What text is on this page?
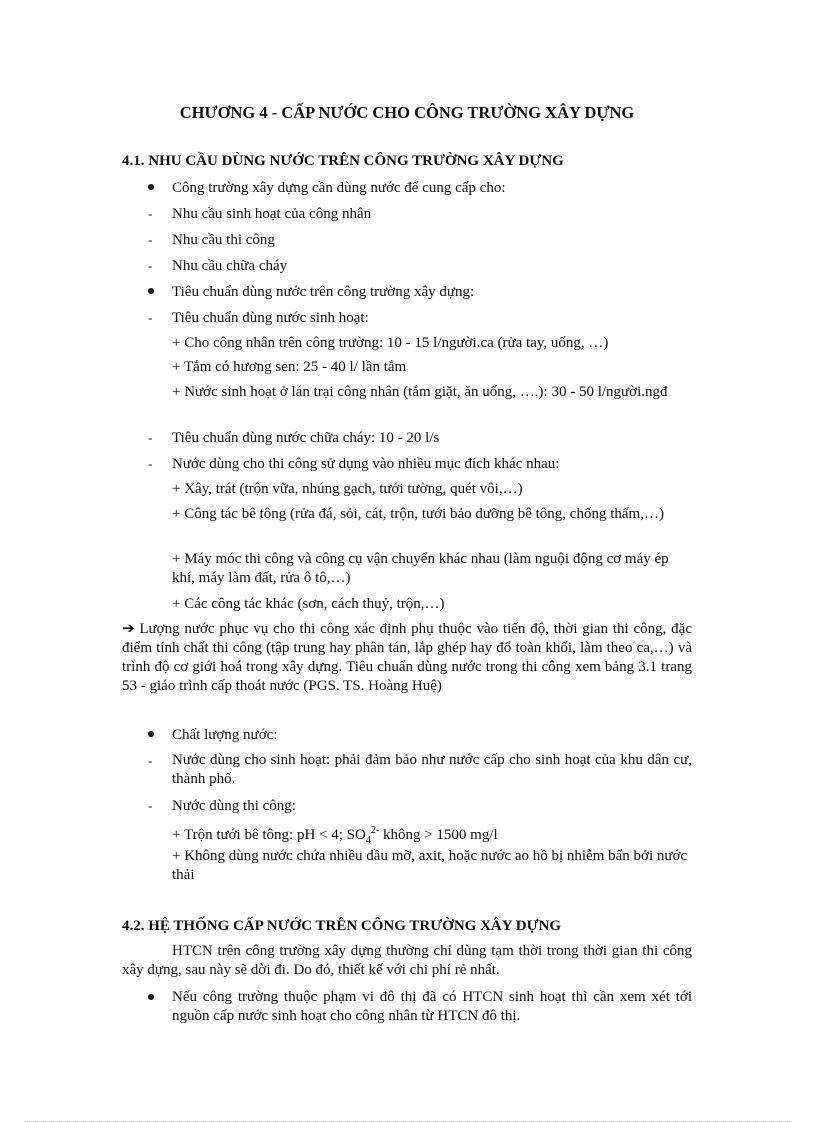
CHƯƠNG 4 - CẤP NƯỚC CHO CÔNG TRƯỜNG XÂY DỰNG
4.1. NHU CẦU DÙNG NƯỚC TRÊN CÔNG TRƯỜNG XÂY DỰNG
Công trường xây dựng cần dùng nước để cung cấp cho:
- Nhu cầu sinh hoạt của công nhân
- Nhu cầu thi công
- Nhu cầu chữa cháy
Tiêu chuẩn dùng nước trên công trường xây dựng:
- Tiêu chuẩn dùng nước sinh hoạt:
+ Cho công nhân trên công trường: 10 - 15 l/người.ca (rửa tay, uống, …)
+ Tắm có hương sen: 25 - 40 l/ lần tắm
+ Nước sinh hoạt ở lán trại công nhân (tắm giặt, ăn uống, ….): 30 - 50 l/người.ngđ
- Tiêu chuẩn dùng nước chữa cháy: 10 - 20 l/s
- Nước dùng cho thi công sử dụng vào nhiều mục đích khác nhau:
+ Xây, trát (trộn vữa, nhúng gạch, tưới tường, quét vôi,…)
+ Công tác bê tông (rửa đá, sỏi, cát, trộn, tưới bảo dưỡng bê tông, chống thấm,…)
+ Máy móc thi công và công cụ vận chuyển khác nhau (làm nguội động cơ máy ép khí, máy làm đất, rửa ô tô,…)
+ Các công tác khác (sơn, cách thuỷ, trộn,…)
➔ Lượng nước phục vụ cho thi công xác định phụ thuộc vào tiến độ, thời gian thi công, đặc điểm tính chất thi công (tập trung hay phân tán, lắp ghép hay đổ toàn khối, làm theo ca,…) và trình độ cơ giới hoá trong xây dựng. Tiêu chuẩn dùng nước trong thi công xem bảng 3.1 trang 53 - giáo trình cấp thoát nước (PGS. TS. Hoàng Huệ)
Chất lượng nước:
- Nước dùng cho sinh hoạt: phải đảm bảo như nước cấp cho sinh hoạt của khu dân cư, thành phố.
- Nước dùng thi công:
+ Trộn tưới bê tông: pH < 4; $SO_4^{2-}$ không > 1500 mg/l
+ Không dùng nước chứa nhiều dầu mỡ, axit, hoặc nước ao hồ bị nhiễm bẩn bởi nước thải
4.2. HỆ THỐNG CẤP NƯỚC TRÊN CÔNG TRƯỜNG XÂY DỰNG
HTCN trên công trường xây dựng thường chỉ dùng tạm thời trong thời gian thi công xây dựng, sau này sẽ dời đi. Do đó, thiết kế với chi phí rẻ nhất.
Nếu công trường thuộc phạm vi đô thị đã có HTCN sinh hoạt thì cần xem xét tới nguồn cấp nước sinh hoạt cho công nhân từ HTCN đô thị.
